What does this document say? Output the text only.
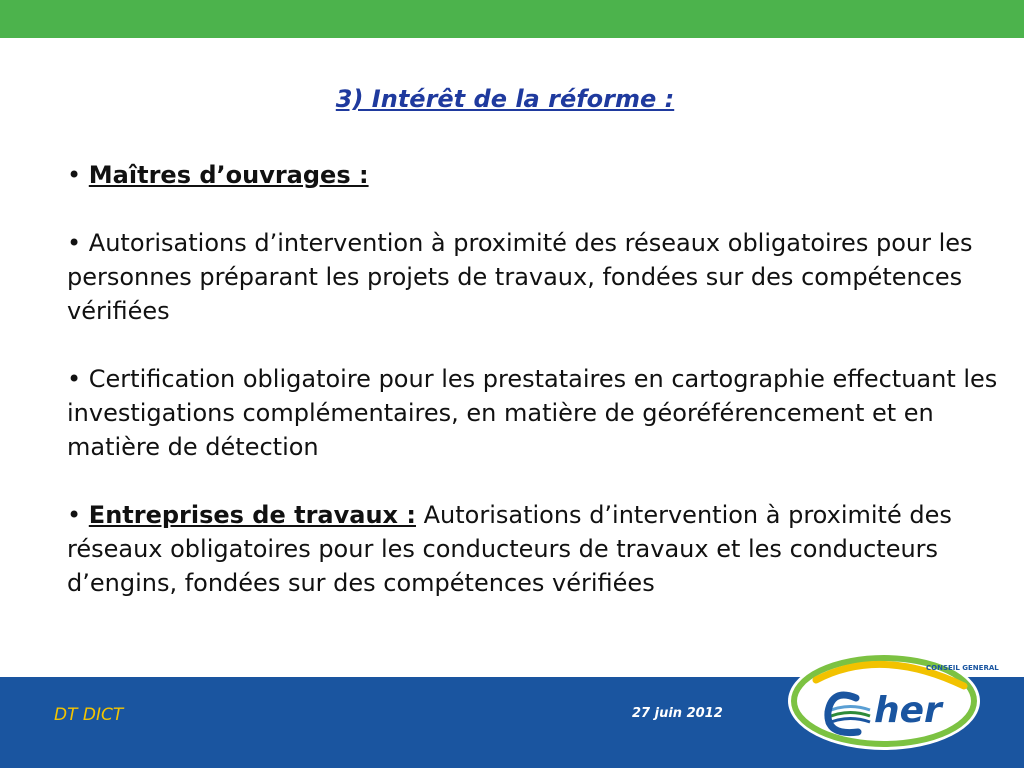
3) Intérêt de la réforme :

• Maîtres d’ouvrages :

• Autorisations d’intervention à proximité des réseaux obligatoires pour les personnes préparant les projets de travaux, fondées sur des compétences vérifiées

• Certification obligatoire pour les prestataires en cartographie effectuant les investigations complémentaires, en matière de géoréférencement et en matière de détection

• Entreprises de travaux : Autorisations d’intervention à proximité des réseaux obligatoires pour les conducteurs de travaux et les conducteurs d’engins, fondées sur des compétences vérifiées

DT DICT	27 juin 2012
CONSEIL GENERAL
her
